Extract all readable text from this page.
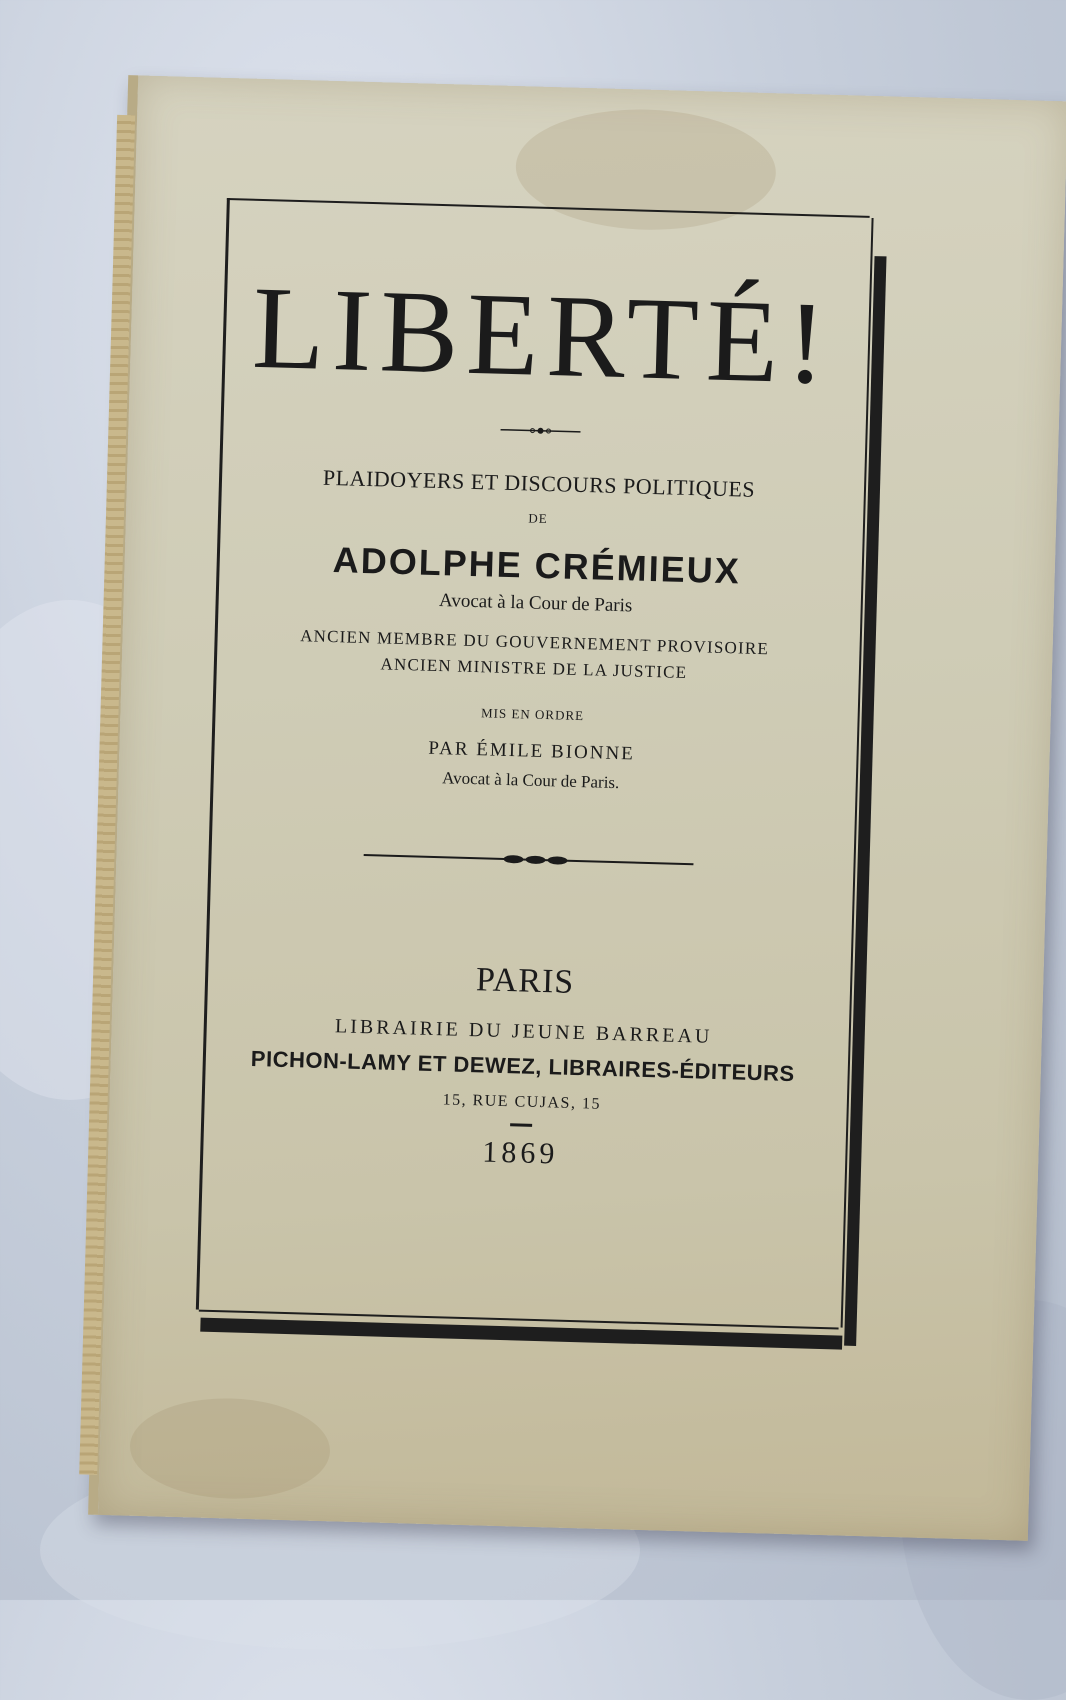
LIBERTÉ!
PLAIDOYERS ET DISCOURS POLITIQUES
DE
ADOLPHE CRÉMIEUX
Avocat à la Cour de Paris
ANCIEN MEMBRE DU GOUVERNEMENT PROVISOIRE
ANCIEN MINISTRE DE LA JUSTICE
MIS EN ORDRE
PAR ÉMILE BIONNE
Avocat à la Cour de Paris.
PARIS
LIBRAIRIE DU JEUNE BARREAU
PICHON-LAMY ET DEWEZ, LIBRAIRES-ÉDITEURS
15, RUE CUJAS, 15
1869
